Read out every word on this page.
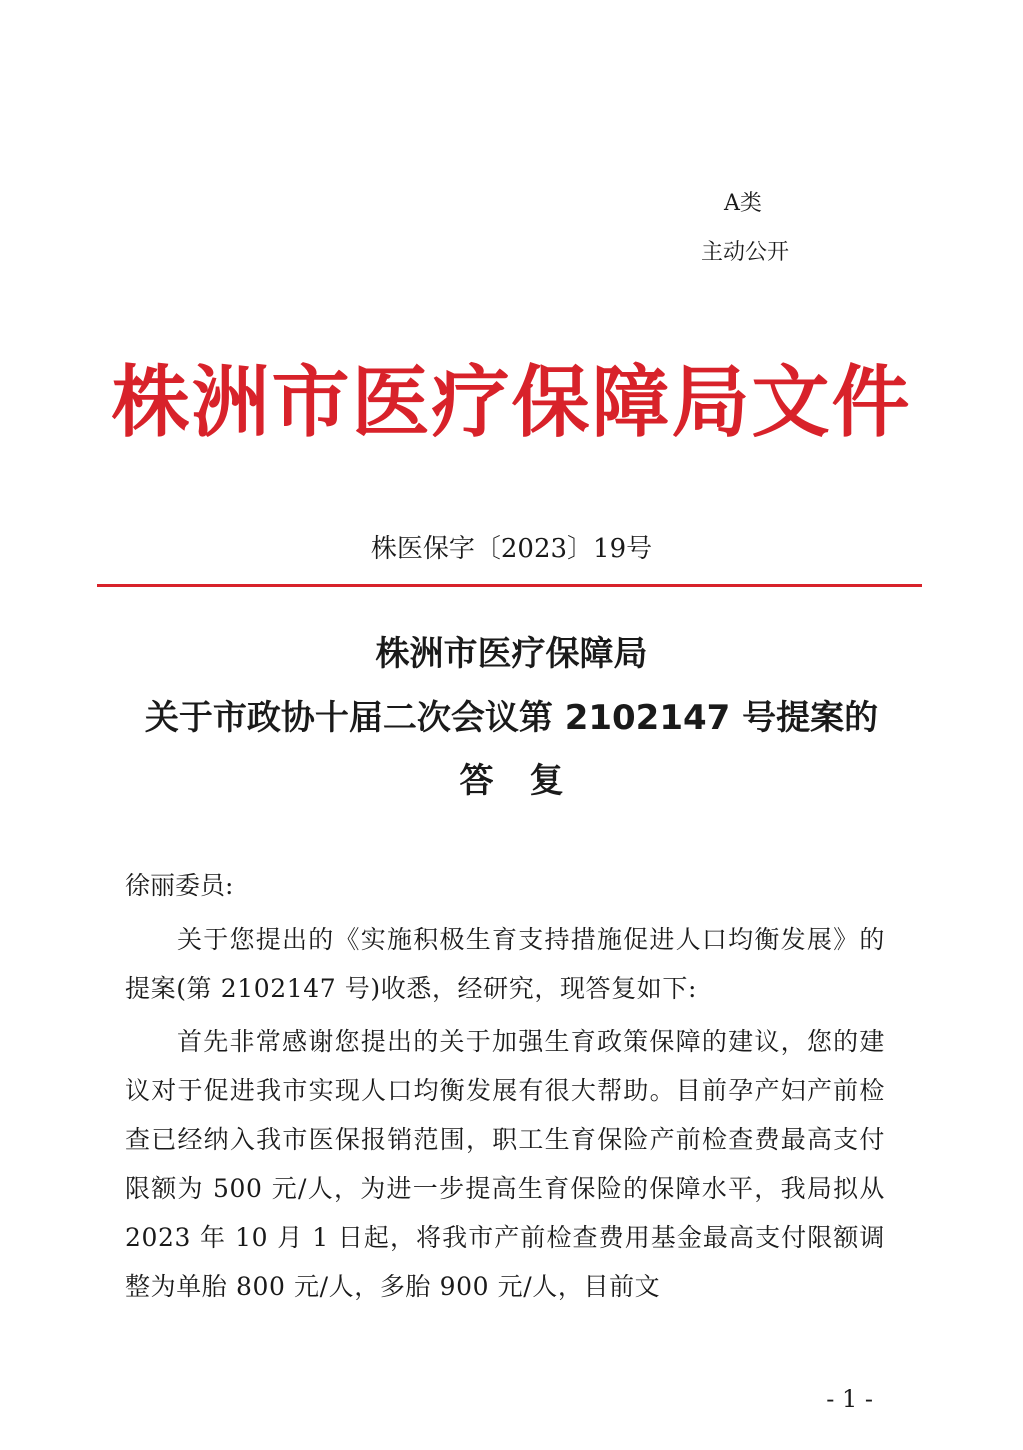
A类
主动公开
株洲市医疗保障局文件
株医保字〔2023〕19号
株洲市医疗保障局
关于市政协十届二次会议第 2102147 号提案的
答复
徐丽委员:

关于您提出的《实施积极生育支持措施促进人口均衡发展》的提案(第 2102147 号)收悉，经研究，现答复如下:

首先非常感谢您提出的关于加强生育政策保障的建议，您的建议对于促进我市实现人口均衡发展有很大帮助。目前孕产妇产前检查已经纳入我市医保报销范围，职工生育保险产前检查费最高支付限额为 500 元/人，为进一步提高生育保险的保障水平，我局拟从 2023 年 10 月 1 日起，将我市产前检查费用基金最高支付限额调整为单胎 800 元/人，多胎 900 元/人，目前文

- 1 -
